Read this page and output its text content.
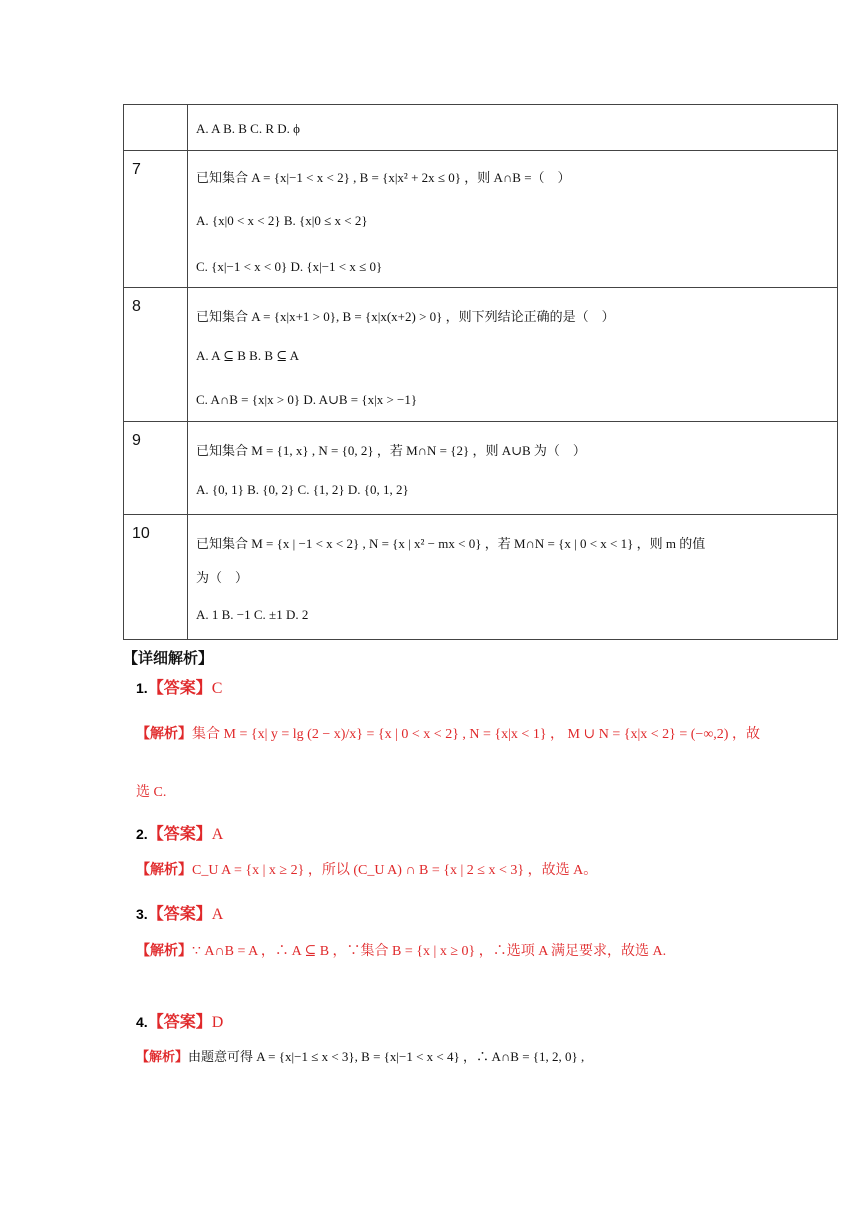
	A. A B. B C. R D. ϕ

7	已知集合 A = {x|−1 < x < 2} , B = {x|x² + 2x ≤ 0} ，则 A∩B =（　）
A. {x|0 < x < 2} B. {x|0 ≤ x < 2}
C. {x|−1 < x < 0} D. {x|−1 < x ≤ 0}

8	已知集合 A = {x|x+1 > 0}, B = {x|x(x+2) > 0} ，则下列结论正确的是（　）
A. A ⊆ B B. B ⊆ A
C. A∩B = {x|x > 0} D. A∪B = {x|x > −1}

9	已知集合 M = {1, x} , N = {0, 2} ，若 M∩N = {2} ，则 A∪B 为（　）
A. {0, 1} B. {0, 2} C. {1, 2} D. {0, 1, 2}

10	已知集合 M = {x | −1 < x < 2} , N = {x | x² − mx < 0} ，若 M∩N = {x | 0 < x < 1} ，则 m 的值
为（　）
A. 1 B. −1 C. ±1 D. 2
【详细解析】
1.【答案】C
【解析】集合 M = {x| y = lg (2 − x)/x} = {x | 0 < x < 2} , N = {x|x < 1} ， M ∪ N = {x|x < 2} = (−∞,2) ，故
选 C.
2.【答案】A
【解析】C_U A = {x | x ≥ 2} ，所以 (C_U A) ∩ B = {x | 2 ≤ x < 3} ，故选 A。
3.【答案】A
【解析】∵ A∩B = A ，∴ A ⊆ B ，∵集合 B = {x | x ≥ 0} ，∴选项 A 满足要求，故选 A.
4.【答案】D
【解析】由题意可得 A = {x|−1 ≤ x < 3}, B = {x|−1 < x < 4} ，∴ A∩B = {1, 2, 0} ,
